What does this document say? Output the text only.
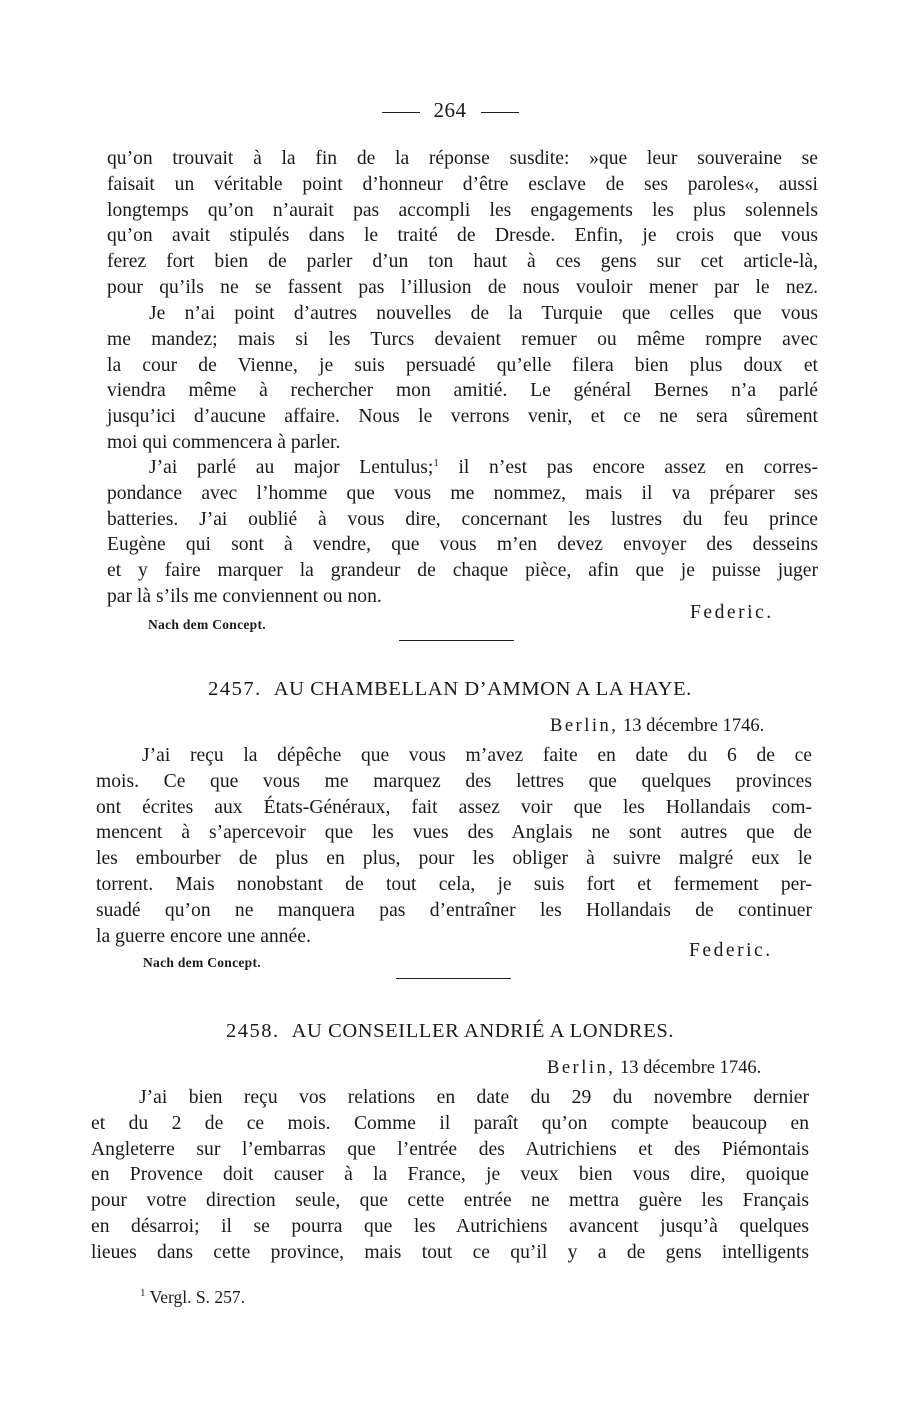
264
qu’on trouvait à la fin de la réponse susdite: »que leur souveraine se
faisait un véritable point d’honneur d’être esclave de ses paroles«, aussi
longtemps qu’on n’aurait pas accompli les engagements les plus solennels
qu’on avait stipulés dans le traité de Dresde. Enfin, je crois que vous
ferez fort bien de parler d’un ton haut à ces gens sur cet article-là,
pour qu’ils ne se fassent pas l’illusion de nous vouloir mener par le nez.
Je n’ai point d’autres nouvelles de la Turquie que celles que vous
me mandez; mais si les Turcs devaient remuer ou même rompre avec
la cour de Vienne, je suis persuadé qu’elle filera bien plus doux et
viendra même à rechercher mon amitié. Le général Bernes n’a parlé
jusqu’ici d’aucune affaire. Nous le verrons venir, et ce ne sera sûrement
moi qui commencera à parler.
J’ai parlé au major Lentulus;$^1$ il n’est pas encore assez en corres-
pondance avec l’homme que vous me nommez, mais il va préparer ses
batteries. J’ai oublié à vous dire, concernant les lustres du feu prince
Eugène qui sont à vendre, que vous m’en devez envoyer des desseins
et y faire marquer la grandeur de chaque pièce, afin que je puisse juger
par là s’ils me conviennent ou non.
Federic.
Nach dem Concept.
2457. AU CHAMBELLAN D’AMMON A LA HAYE.
Berlin, 13 décembre 1746.
J’ai reçu la dépêche que vous m’avez faite en date du 6 de ce
mois. Ce que vous me marquez des lettres que quelques provinces
ont écrites aux États-Généraux, fait assez voir que les Hollandais com-
mencent à s’apercevoir que les vues des Anglais ne sont autres que de
les embourber de plus en plus, pour les obliger à suivre malgré eux le
torrent. Mais nonobstant de tout cela, je suis fort et fermement per-
suadé qu’on ne manquera pas d’entraîner les Hollandais de continuer
la guerre encore une année.
Federic.
Nach dem Concept.
2458. AU CONSEILLER ANDRIÉ A LONDRES.
Berlin, 13 décembre 1746.
J’ai bien reçu vos relations en date du 29 du novembre dernier
et du 2 de ce mois. Comme il paraît qu’on compte beaucoup en
Angleterre sur l’embarras que l’entrée des Autrichiens et des Piémontais
en Provence doit causer à la France, je veux bien vous dire, quoique
pour votre direction seule, que cette entrée ne mettra guère les Français
en désarroi; il se pourra que les Autrichiens avancent jusqu’à quelques
lieues dans cette province, mais tout ce qu’il y a de gens intelligents
$^1$ Vergl. S. 257.
